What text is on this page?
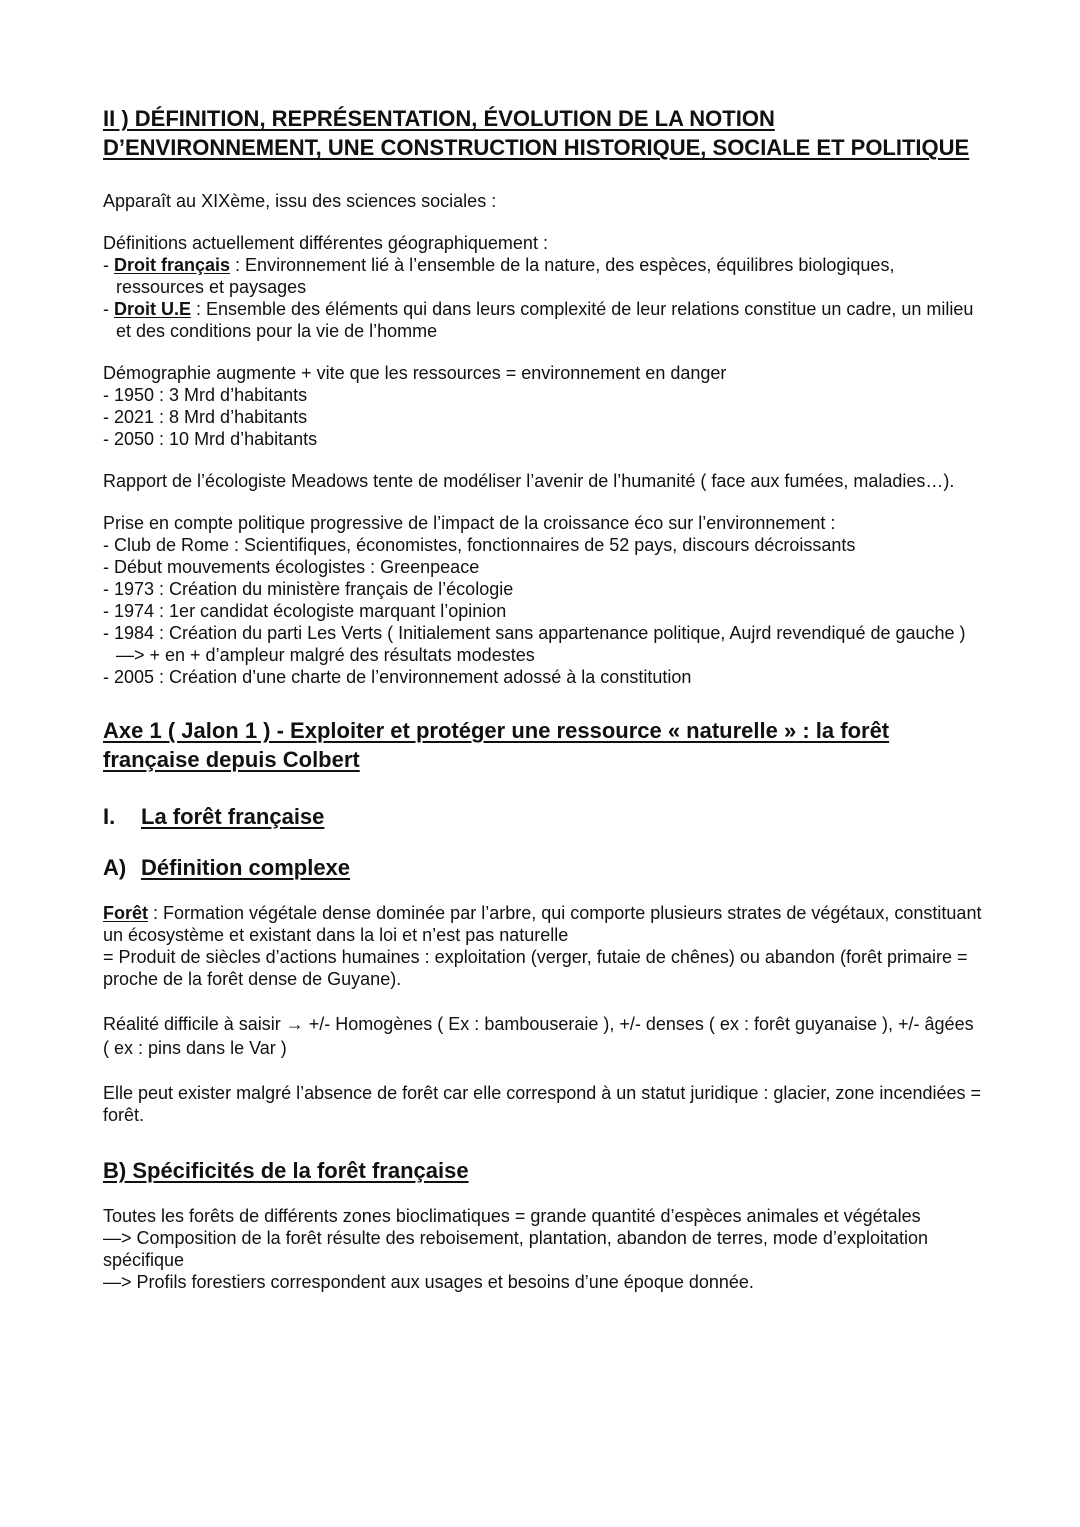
II ) DÉFINITION, REPRÉSENTATION, ÉVOLUTION DE LA NOTION D’ENVIRONNEMENT, UNE CONSTRUCTION HISTORIQUE, SOCIALE ET POLITIQUE

Apparaît au XIXème, issu des sciences sociales :

Définitions actuellement différentes géographiquement :

- Droit français : Environnement lié à l’ensemble de la nature, des espèces, équilibres biologiques, ressources et paysages
- Droit U.E : Ensemble des éléments qui dans leurs complexité de leur relations constitue un cadre, un milieu et des conditions pour la vie de l’homme

Démographie augmente + vite que les ressources = environnement en danger

- 1950 : 3 Mrd d’habitants
- 2021 : 8 Mrd d’habitants
- 2050 : 10 Mrd d’habitants

Rapport de l’écologiste Meadows tente de modéliser l’avenir de l’humanité ( face aux fumées, maladies…).

Prise en compte politique progressive de l’impact de la croissance éco sur l’environnement :

- Club de Rome : Scientifiques, économistes, fonctionnaires de 52 pays, discours décroissants
- Début mouvements écologistes : Greenpeace
- 1973 : Création du ministère français de l’écologie
- 1974 : 1er candidat écologiste marquant l’opinion
- 1984 : Création du parti Les Verts ( Initialement sans appartenance politique, Aujrd revendiqué de gauche ) —> + en + d’ampleur malgré des résultats modestes
- 2005 : Création d’une charte de l’environnement adossé à la constitution
Axe 1 ( Jalon 1 ) - Exploiter et protéger une ressource « naturelle » : la forêt française depuis Colbert
I.	La forêt française
A) Définition complexe

Forêt : Formation végétale dense dominée par l’arbre, qui comporte plusieurs strates de végétaux, constituant un écosystème et existant dans la loi et n’est pas naturelle

= Produit de siècles d’actions humaines : exploitation (verger, futaie de chênes) ou abandon (forêt primaire = proche de la forêt dense de Guyane).

Réalité difficile à saisir → +/- Homogènes ( Ex : bambouseraie ), +/- denses ( ex : forêt guyanaise ), +/- âgées ( ex : pins dans le Var )

Elle peut exister malgré l’absence de forêt car elle correspond à un statut juridique : glacier, zone incendiées = forêt.

B) Spécificités de la forêt française

Toutes les forêts de différents zones bioclimatiques = grande quantité d’espèces animales et végétales

—> Composition de la forêt résulte des reboisement, plantation, abandon de terres, mode d’exploitation spécifique

—> Profils forestiers correspondent aux usages et besoins d’une époque donnée.
